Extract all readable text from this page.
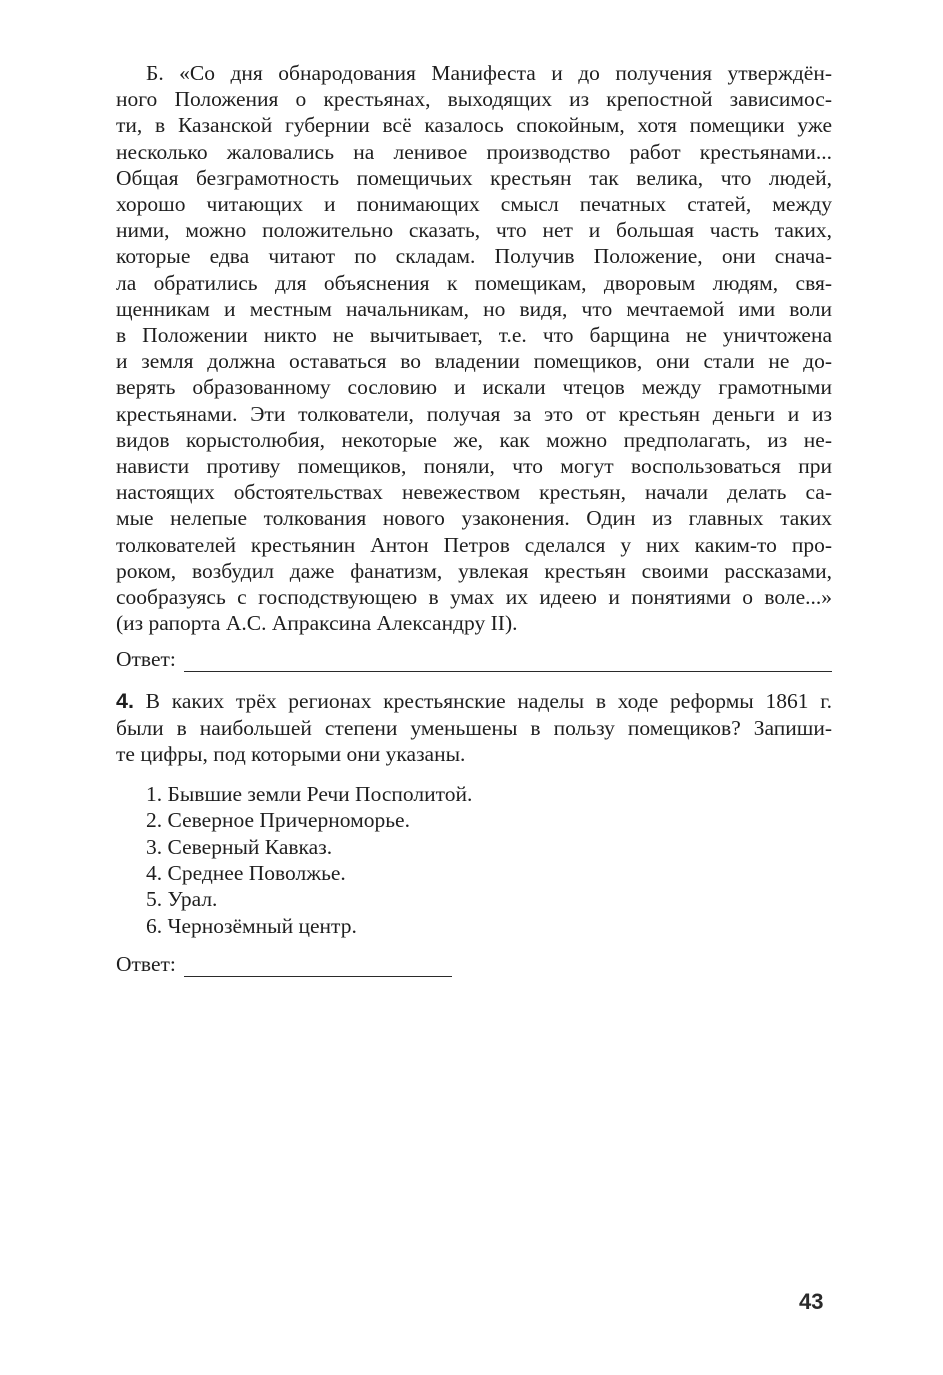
Б. «Со дня обнародования Манифеста и до получения утверждён-
ного Положения о крестьянах, выходящих из крепостной зависимос-
ти, в Казанской губернии всё казалось спокойным, хотя помещики уже
несколько жаловались на ленивое производство работ крестьянами...
Общая безграмотность помещичьих крестьян так велика, что людей,
хорошо читающих и понимающих смысл печатных статей, между
ними, можно положительно сказать, что нет и большая часть таких,
которые едва читают по складам. Получив Положение, они снача-
ла обратились для объяснения к помещикам, дворовым людям, свя-
щенникам и местным начальникам, но видя, что мечтаемой ими воли
в Положении никто не вычитывает, т.е. что барщина не уничтожена
и земля должна оставаться во владении помещиков, они стали не до-
верять образованному сословию и искали чтецов между грамотными
крестьянами. Эти толкователи, получая за это от крестьян деньги и из
видов корыстолюбия, некоторые же, как можно предполагать, из не-
нависти противу помещиков, поняли, что могут воспользоваться при
настоящих обстоятельствах невежеством крестьян, начали делать са-
мые нелепые толкования нового узаконения. Один из главных таких
толкователей крестьянин Антон Петров сделался у них каким-то про-
роком, возбудил даже фанатизм, увлекая крестьян своими рассказами,
сообразуясь с господствующею в умах их идеею и понятиями о воле...»
(из рапорта А.С. Апраксина Александру II).
Ответ:
4. В каких трёх регионах крестьянские наделы в ходе реформы 1861 г.
были в наибольшей степени уменьшены в пользу помещиков? Запиши-
те цифры, под которыми они указаны.
1. Бывшие земли Речи Посполитой.
2. Северное Причерноморье.
3. Северный Кавказ.
4. Среднее Поволжье.
5. Урал.
6. Чернозёмный центр.
Ответ:
43
